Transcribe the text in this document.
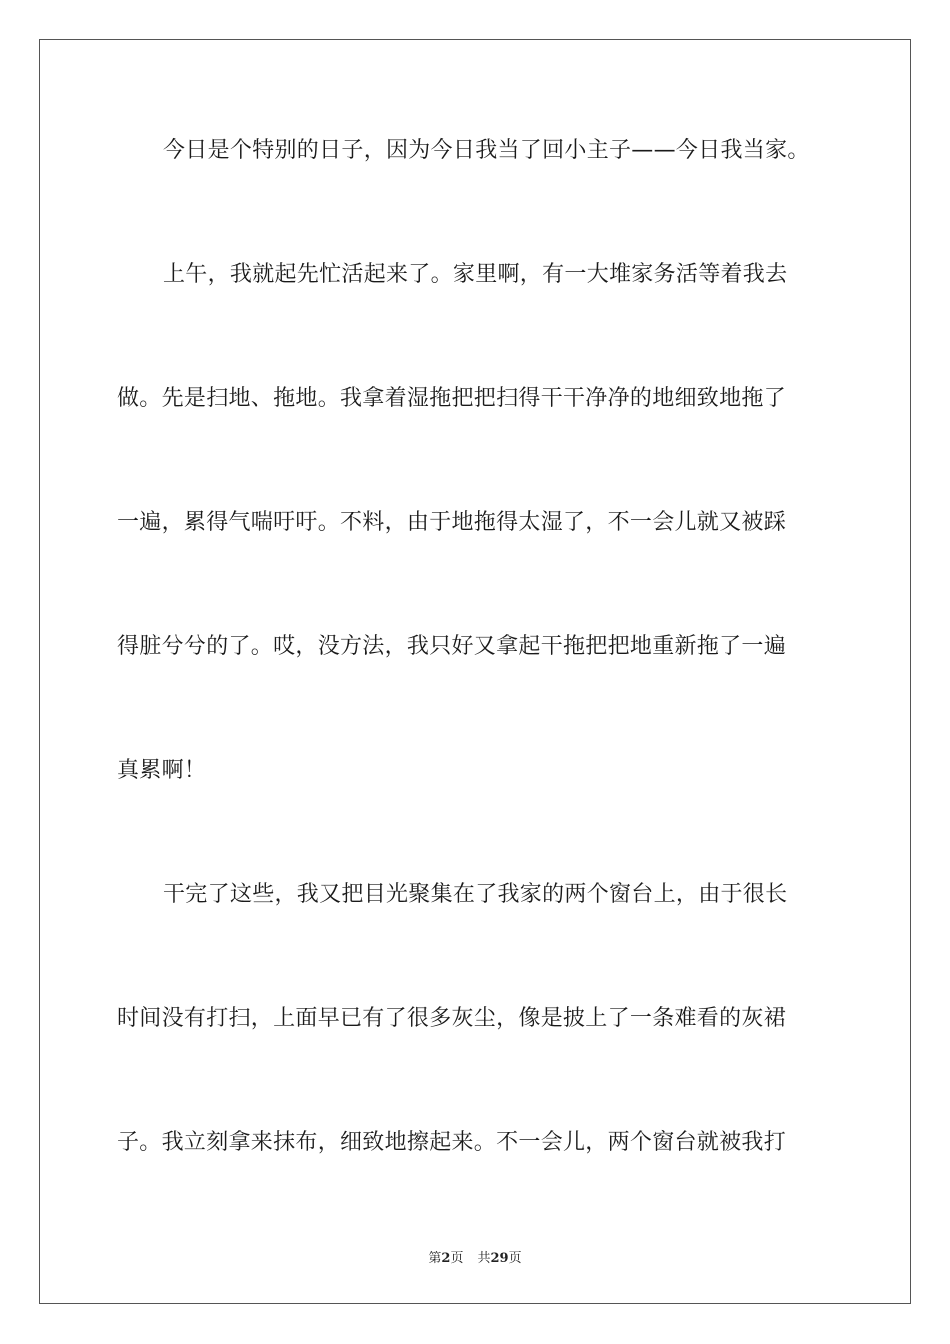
今日是个特别的日子，因为今日我当了回小主子——今日我当家。
上午，我就起先忙活起来了。家里啊，有一大堆家务活等着我去
做。先是扫地、拖地。我拿着湿拖把把扫得干干净净的地细致地拖了
一遍，累得气喘吁吁。不料，由于地拖得太湿了，不一会儿就又被踩
得脏兮兮的了。哎，没方法，我只好又拿起干拖把把地重新拖了一遍
真累啊！
干完了这些，我又把目光聚集在了我家的两个窗台上，由于很长
时间没有打扫，上面早已有了很多灰尘，像是披上了一条难看的灰裙
子。我立刻拿来抹布，细致地擦起来。不一会儿，两个窗台就被我打
第2页 共29页
